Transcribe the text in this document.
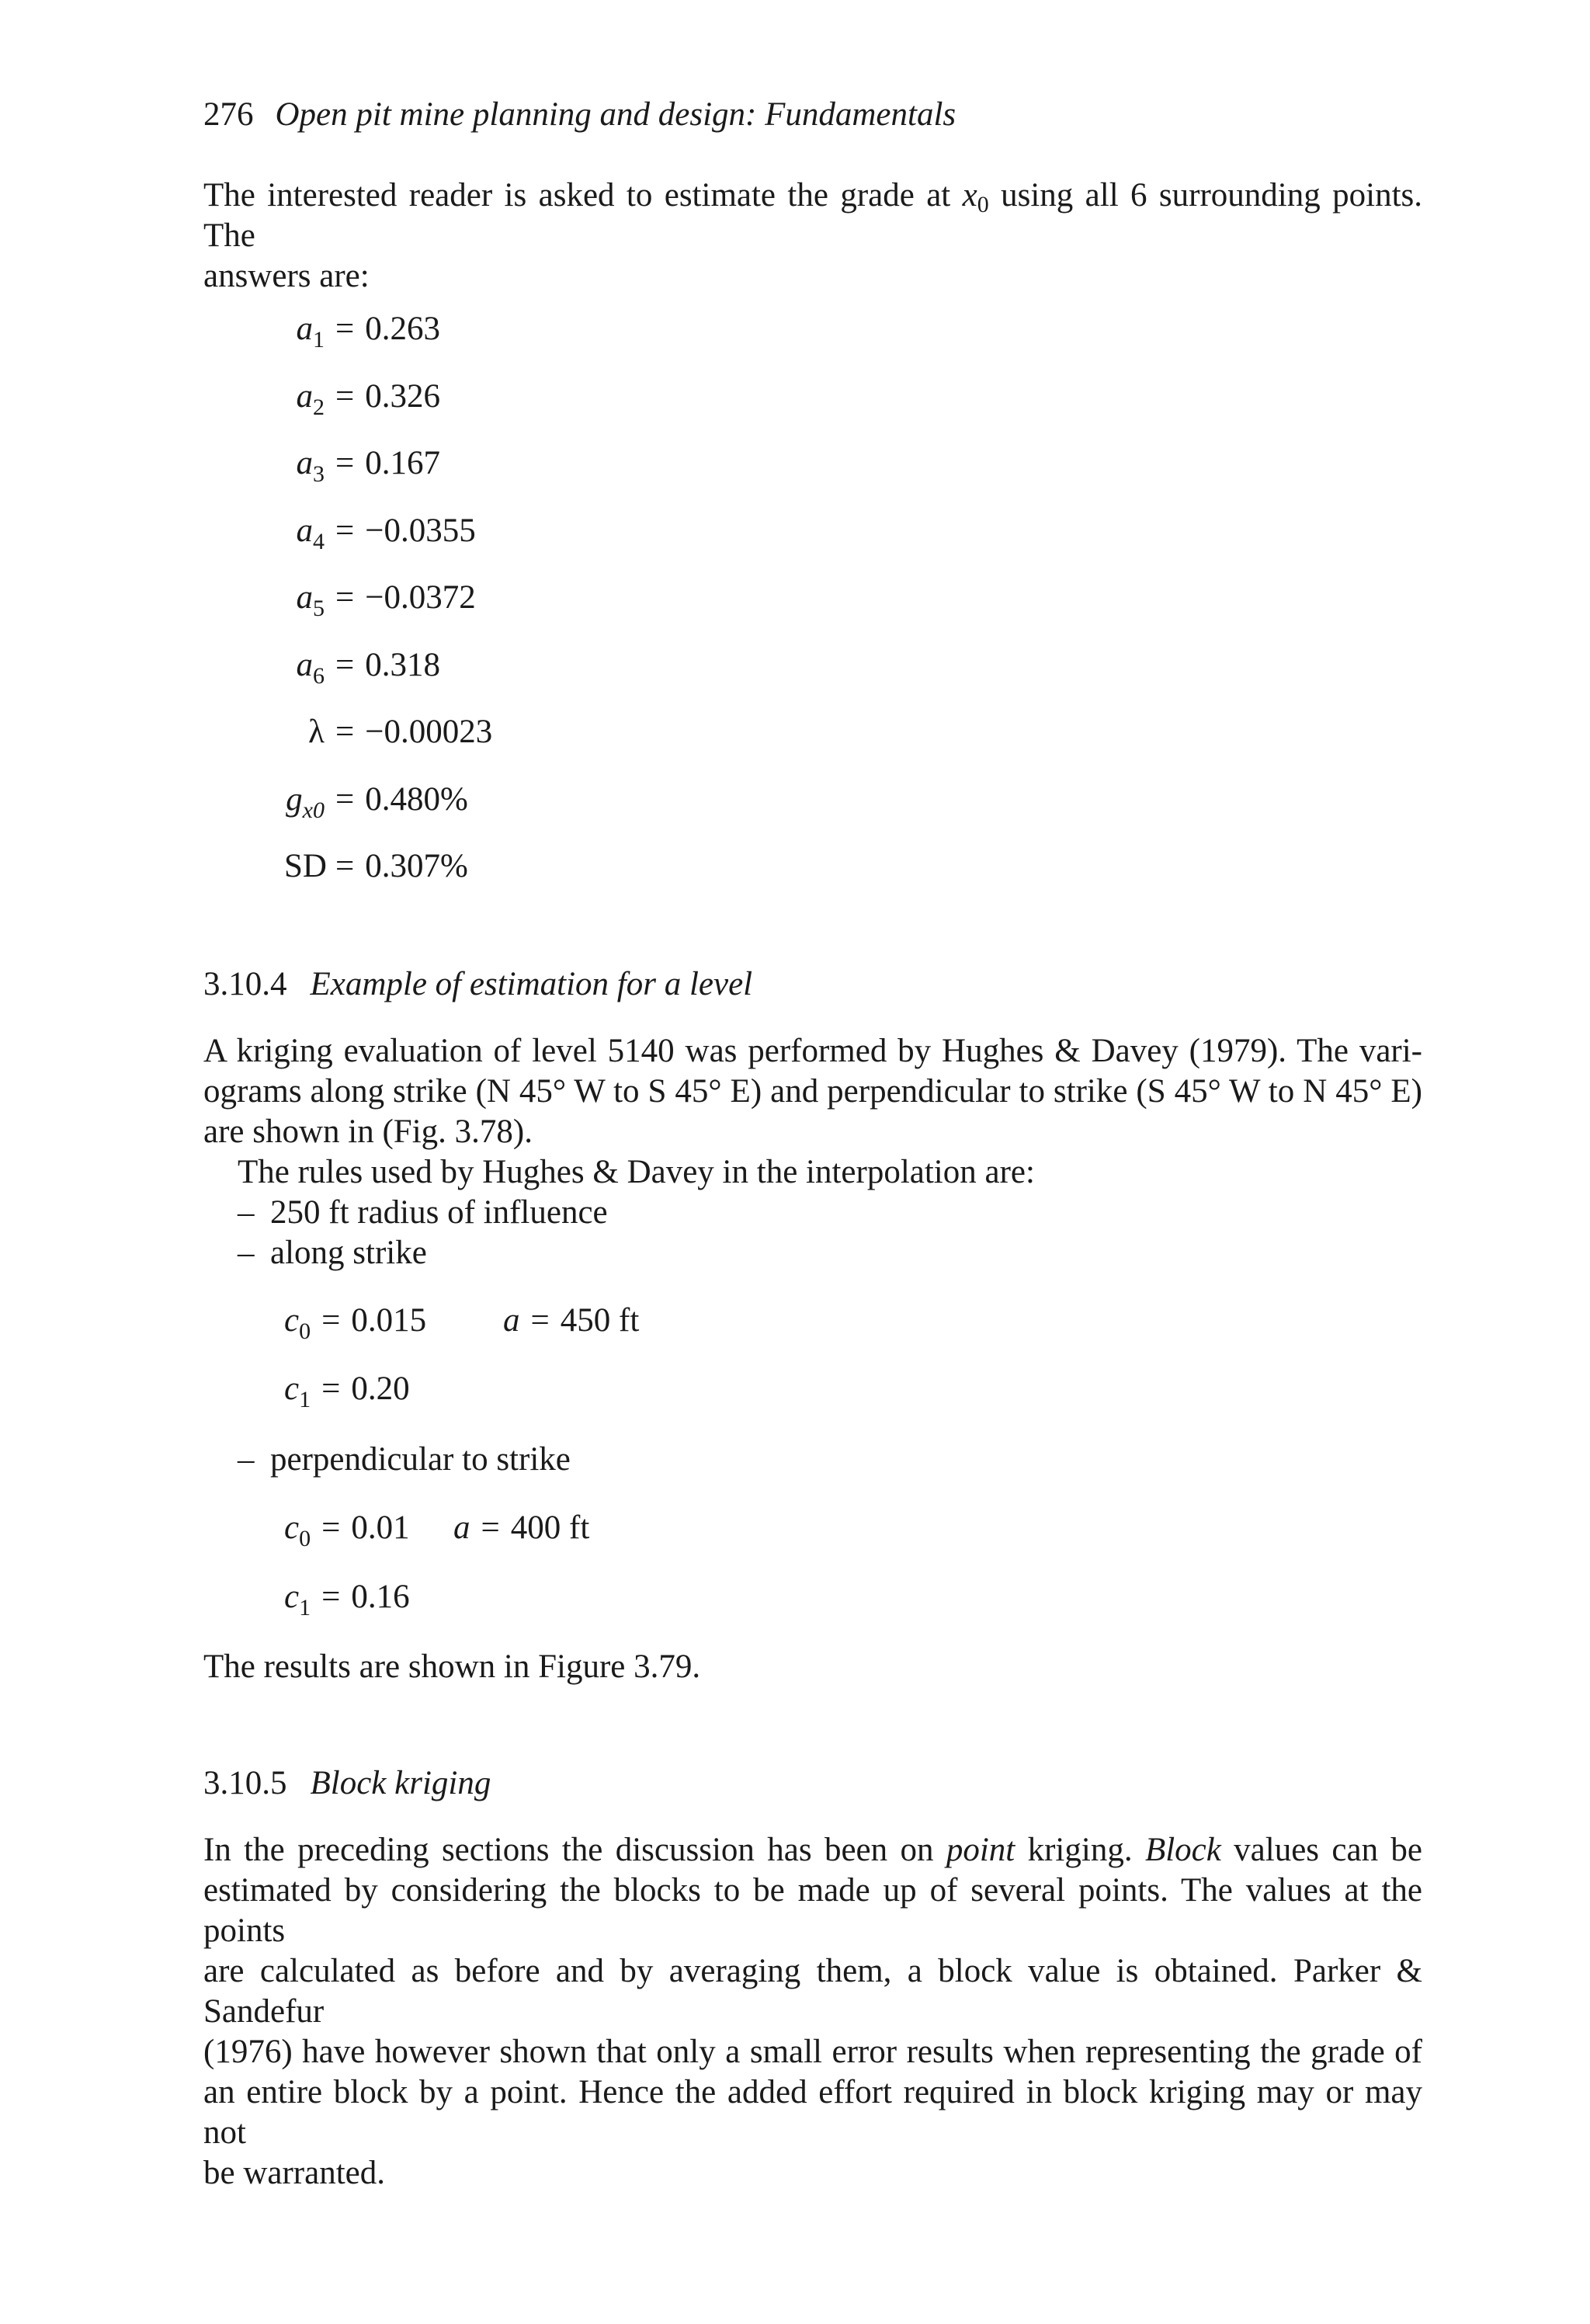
276 Open pit mine planning and design: Fundamentals

The interested reader is asked to estimate the grade at $x_0$ using all 6 surrounding points. The

answers are:

$a_1 = 0.263$
$a_2 = 0.326$
$a_3 = 0.167$
$a_4 = -0.0355$
$a_5 = -0.0372$
$a_6 = 0.318$
λ = −0.00023
$g_{x0} = 0.480\%$
SD = 0.307%
3.10.4 Example of estimation for a level

A kriging evaluation of level 5140 was performed by Hughes & Davey (1979). The vari-

ograms along strike (N 45° W to S 45° E) and perpendicular to strike (S 45° W to N 45° E)

are shown in (Fig. 3.78).

The rules used by Hughes & Davey in the interpolation are:

– 250 ft radius of influence
– along strike
$c_0 = 0.015$ a = 450 ft
$c_1 = 0.20$
– perpendicular to strike
$c_0 = 0.01$ a = 400 ft
$c_1 = 0.16$

The results are shown in Figure 3.79.

3.10.5 Block kriging

In the preceding sections the discussion has been on point kriging. Block values can be

estimated by considering the blocks to be made up of several points. The values at the points

are calculated as before and by averaging them, a block value is obtained. Parker & Sandefur

(1976) have however shown that only a small error results when representing the grade of

an entire block by a point. Hence the added effort required in block kriging may or may not

be warranted.
